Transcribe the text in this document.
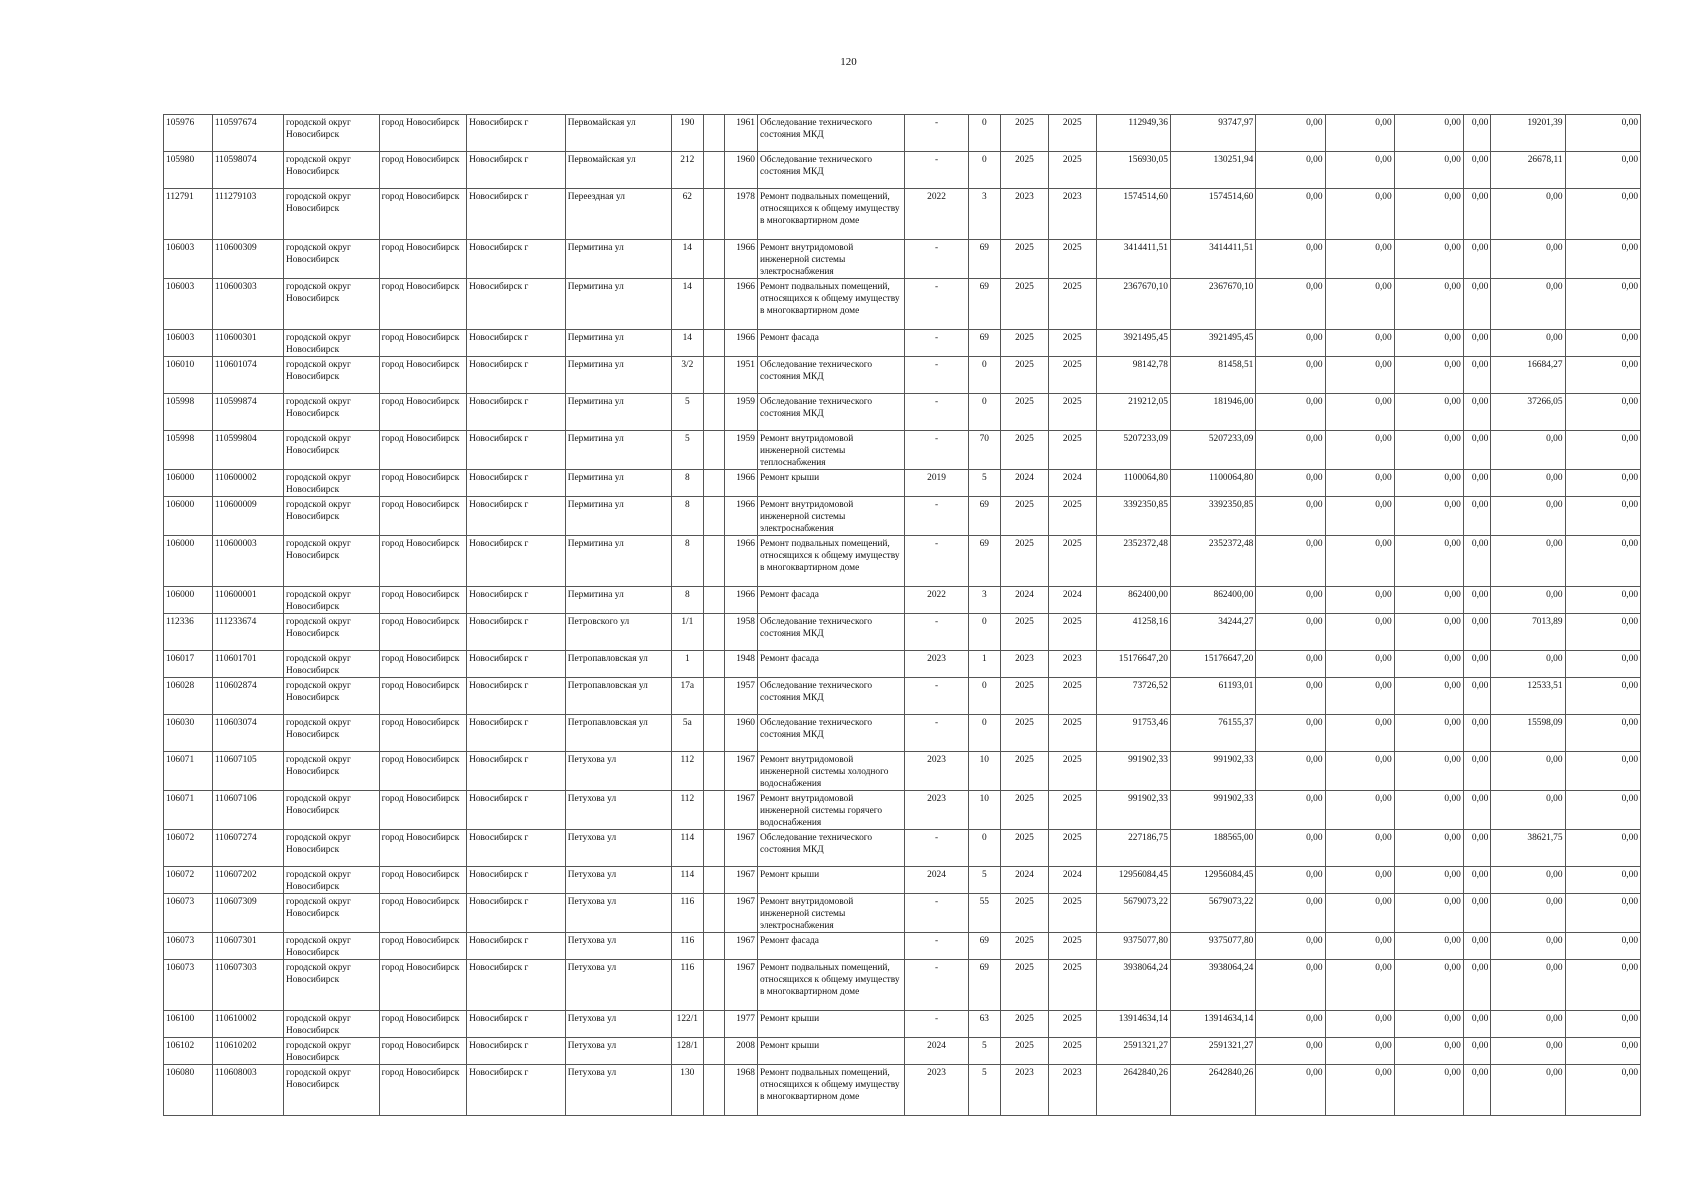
120
105976	110597674	городской округ Новосибирск	город Новосибирск	Новосибирск г	Первомайская ул	190		1961	Обследование технического состояния МКД	-	0	2025	2025	112949,36	93747,97	0,00	0,00	0,00	0,00	19201,39	0,00
105980	110598074	городской округ Новосибирск	город Новосибирск	Новосибирск г	Первомайская ул	212		1960	Обследование технического состояния МКД	-	0	2025	2025	156930,05	130251,94	0,00	0,00	0,00	0,00	26678,11	0,00
112791	111279103	городской округ Новосибирск	город Новосибирск	Новосибирск г	Переездная ул	62		1978	Ремонт подвальных помещений, относящихся к общему имуществу в многоквартирном доме	2022	3	2023	2023	1574514,60	1574514,60	0,00	0,00	0,00	0,00	0,00	0,00
106003	110600309	городской округ Новосибирск	город Новосибирск	Новосибирск г	Пермитина ул	14		1966	Ремонт внутридомовой инженерной системы электроснабжения	-	69	2025	2025	3414411,51	3414411,51	0,00	0,00	0,00	0,00	0,00	0,00
106003	110600303	городской округ Новосибирск	город Новосибирск	Новосибирск г	Пермитина ул	14		1966	Ремонт подвальных помещений, относящихся к общему имуществу в многоквартирном доме	-	69	2025	2025	2367670,10	2367670,10	0,00	0,00	0,00	0,00	0,00	0,00
106003	110600301	городской округ Новосибирск	город Новосибирск	Новосибирск г	Пермитина ул	14		1966	Ремонт фасада	-	69	2025	2025	3921495,45	3921495,45	0,00	0,00	0,00	0,00	0,00	0,00
106010	110601074	городской округ Новосибирск	город Новосибирск	Новосибирск г	Пермитина ул	3/2		1951	Обследование технического состояния МКД	-	0	2025	2025	98142,78	81458,51	0,00	0,00	0,00	0,00	16684,27	0,00
105998	110599874	городской округ Новосибирск	город Новосибирск	Новосибирск г	Пермитина ул	5		1959	Обследование технического состояния МКД	-	0	2025	2025	219212,05	181946,00	0,00	0,00	0,00	0,00	37266,05	0,00
105998	110599804	городской округ Новосибирск	город Новосибирск	Новосибирск г	Пермитина ул	5		1959	Ремонт внутридомовой инженерной системы теплоснабжения	-	70	2025	2025	5207233,09	5207233,09	0,00	0,00	0,00	0,00	0,00	0,00
106000	110600002	городской округ Новосибирск	город Новосибирск	Новосибирск г	Пермитина ул	8		1966	Ремонт крыши	2019	5	2024	2024	1100064,80	1100064,80	0,00	0,00	0,00	0,00	0,00	0,00
106000	110600009	городской округ Новосибирск	город Новосибирск	Новосибирск г	Пермитина ул	8		1966	Ремонт внутридомовой инженерной системы электроснабжения	-	69	2025	2025	3392350,85	3392350,85	0,00	0,00	0,00	0,00	0,00	0,00
106000	110600003	городской округ Новосибирск	город Новосибирск	Новосибирск г	Пермитина ул	8		1966	Ремонт подвальных помещений, относящихся к общему имуществу в многоквартирном доме	-	69	2025	2025	2352372,48	2352372,48	0,00	0,00	0,00	0,00	0,00	0,00
106000	110600001	городской округ Новосибирск	город Новосибирск	Новосибирск г	Пермитина ул	8		1966	Ремонт фасада	2022	3	2024	2024	862400,00	862400,00	0,00	0,00	0,00	0,00	0,00	0,00
112336	111233674	городской округ Новосибирск	город Новосибирск	Новосибирск г	Петровского ул	1/1		1958	Обследование технического состояния МКД	-	0	2025	2025	41258,16	34244,27	0,00	0,00	0,00	0,00	7013,89	0,00
106017	110601701	городской округ Новосибирск	город Новосибирск	Новосибирск г	Петропавловская ул	1		1948	Ремонт фасада	2023	1	2023	2023	15176647,20	15176647,20	0,00	0,00	0,00	0,00	0,00	0,00
106028	110602874	городской округ Новосибирск	город Новосибирск	Новосибирск г	Петропавловская ул	17а		1957	Обследование технического состояния МКД	-	0	2025	2025	73726,52	61193,01	0,00	0,00	0,00	0,00	12533,51	0,00
106030	110603074	городской округ Новосибирск	город Новосибирск	Новосибирск г	Петропавловская ул	5а		1960	Обследование технического состояния МКД	-	0	2025	2025	91753,46	76155,37	0,00	0,00	0,00	0,00	15598,09	0,00
106071	110607105	городской округ Новосибирск	город Новосибирск	Новосибирск г	Петухова ул	112		1967	Ремонт внутридомовой инженерной системы холодного водоснабжения	2023	10	2025	2025	991902,33	991902,33	0,00	0,00	0,00	0,00	0,00	0,00
106071	110607106	городской округ Новосибирск	город Новосибирск	Новосибирск г	Петухова ул	112		1967	Ремонт внутридомовой инженерной системы горячего водоснабжения	2023	10	2025	2025	991902,33	991902,33	0,00	0,00	0,00	0,00	0,00	0,00
106072	110607274	городской округ Новосибирск	город Новосибирск	Новосибирск г	Петухова ул	114		1967	Обследование технического состояния МКД	-	0	2025	2025	227186,75	188565,00	0,00	0,00	0,00	0,00	38621,75	0,00
106072	110607202	городской округ Новосибирск	город Новосибирск	Новосибирск г	Петухова ул	114		1967	Ремонт крыши	2024	5	2024	2024	12956084,45	12956084,45	0,00	0,00	0,00	0,00	0,00	0,00
106073	110607309	городской округ Новосибирск	город Новосибирск	Новосибирск г	Петухова ул	116		1967	Ремонт внутридомовой инженерной системы электроснабжения	-	55	2025	2025	5679073,22	5679073,22	0,00	0,00	0,00	0,00	0,00	0,00
106073	110607301	городской округ Новосибирск	город Новосибирск	Новосибирск г	Петухова ул	116		1967	Ремонт фасада	-	69	2025	2025	9375077,80	9375077,80	0,00	0,00	0,00	0,00	0,00	0,00
106073	110607303	городской округ Новосибирск	город Новосибирск	Новосибирск г	Петухова ул	116		1967	Ремонт подвальных помещений, относящихся к общему имуществу в многоквартирном доме	-	69	2025	2025	3938064,24	3938064,24	0,00	0,00	0,00	0,00	0,00	0,00
106100	110610002	городской округ Новосибирск	город Новосибирск	Новосибирск г	Петухова ул	122/1		1977	Ремонт крыши	-	63	2025	2025	13914634,14	13914634,14	0,00	0,00	0,00	0,00	0,00	0,00
106102	110610202	городской округ Новосибирск	город Новосибирск	Новосибирск г	Петухова ул	128/1		2008	Ремонт крыши	2024	5	2025	2025	2591321,27	2591321,27	0,00	0,00	0,00	0,00	0,00	0,00
106080	110608003	городской округ Новосибирск	город Новосибирск	Новосибирск г	Петухова ул	130		1968	Ремонт подвальных помещений, относящихся к общему имуществу в многоквартирном доме	2023	5	2023	2023	2642840,26	2642840,26	0,00	0,00	0,00	0,00	0,00	0,00
